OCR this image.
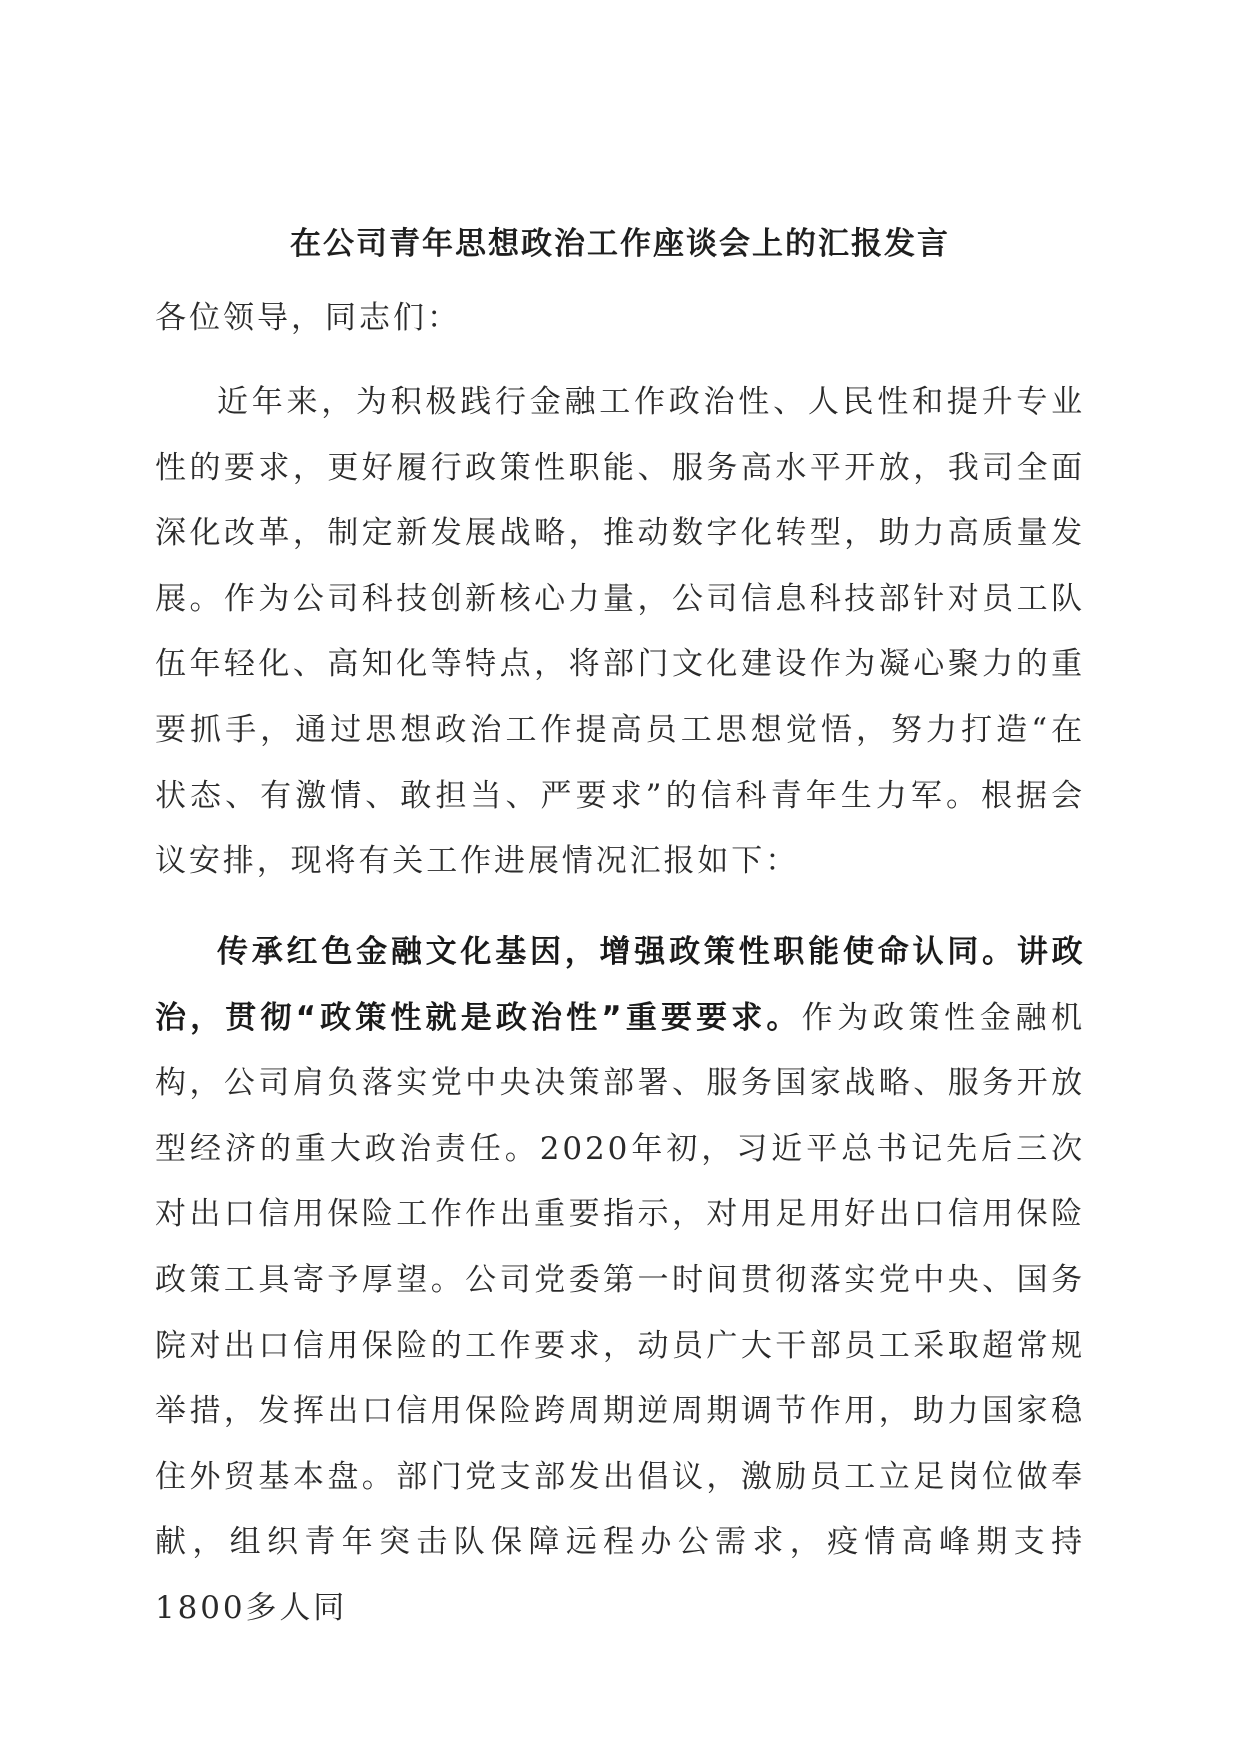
在公司青年思想政治工作座谈会上的汇报发言
各位领导，同志们：
近年来，为积极践行金融工作政治性、人民性和提升专业性的要求，更好履行政策性职能、服务高水平开放，我司全面深化改革，制定新发展战略，推动数字化转型，助力高质量发展。作为公司科技创新核心力量，公司信息科技部针对员工队伍年轻化、高知化等特点，将部门文化建设作为凝心聚力的重要抓手，通过思想政治工作提高员工思想觉悟，努力打造“在状态、有激情、敢担当、严要求”的信科青年生力军。根据会议安排，现将有关工作进展情况汇报如下：
传承红色金融文化基因，增强政策性职能使命认同。讲政治，贯彻“政策性就是政治性”重要要求。作为政策性金融机构，公司肩负落实党中央决策部署、服务国家战略、服务开放型经济的重大政治责任。2020年初，习近平总书记先后三次对出口信用保险工作作出重要指示，对用足用好出口信用保险政策工具寄予厚望。公司党委第一时间贯彻落实党中央、国务院对出口信用保险的工作要求，动员广大干部员工采取超常规举措，发挥出口信用保险跨周期逆周期调节作用，助力国家稳住外贸基本盘。部门党支部发出倡议，激励员工立足岗位做奉献，组织青年突击队保障远程办公需求，疫情高峰期支持1800多人同
